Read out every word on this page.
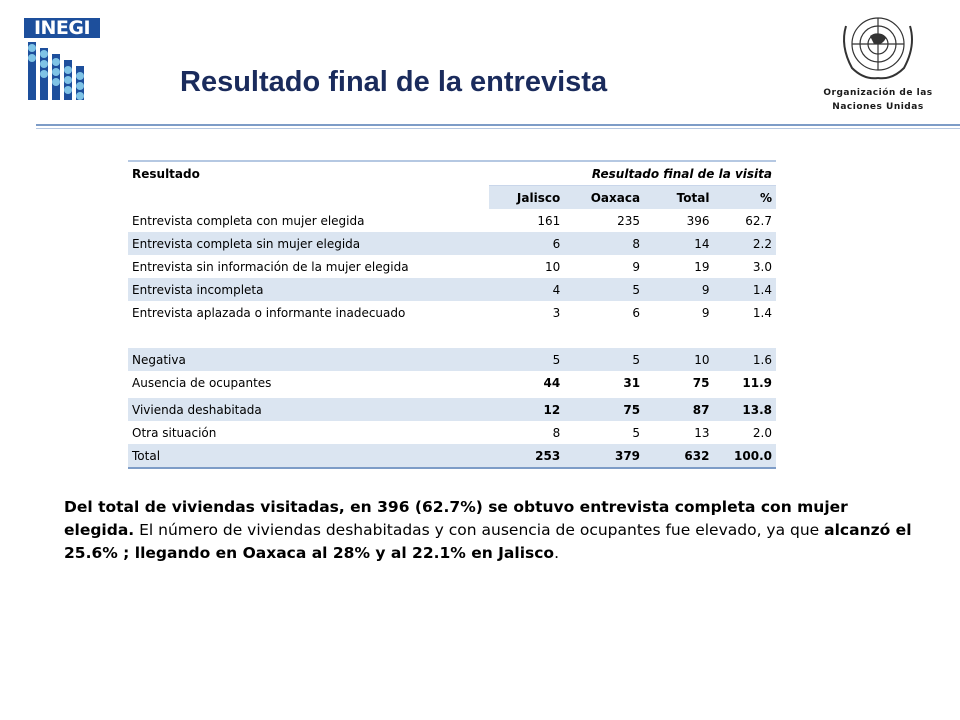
INEGI
Resultado final de la entrevista	Organización de las
Naciones Unidas
Resultado	Resultado final de la visita			
	Jalisco	Oaxaca	Total	%
Entrevista completa con mujer elegida	161	235	396	62.7
Entrevista completa sin mujer elegida	6	8	14	2.2
Entrevista sin información de la mujer elegida	10	9	19	3.0
Entrevista incompleta	4	5	9	1.4
Entrevista aplazada o informante inadecuado	3	6	9	1.4

Negativa	5	5	10	1.6
Ausencia de ocupantes	44	31	75	11.9

Vivienda deshabitada	12	75	87	13.8
Otra situación	8	5	13	2.0
Total	253	379	632	100.0
Del total de viviendas visitadas, en 396 (62.7%) se obtuvo entrevista completa con mujer elegida. El número de viviendas deshabitadas y con ausencia de ocupantes fue elevado, ya que alcanzó el 25.6% ; llegando en Oaxaca al 28% y al 22.1% en Jalisco.
